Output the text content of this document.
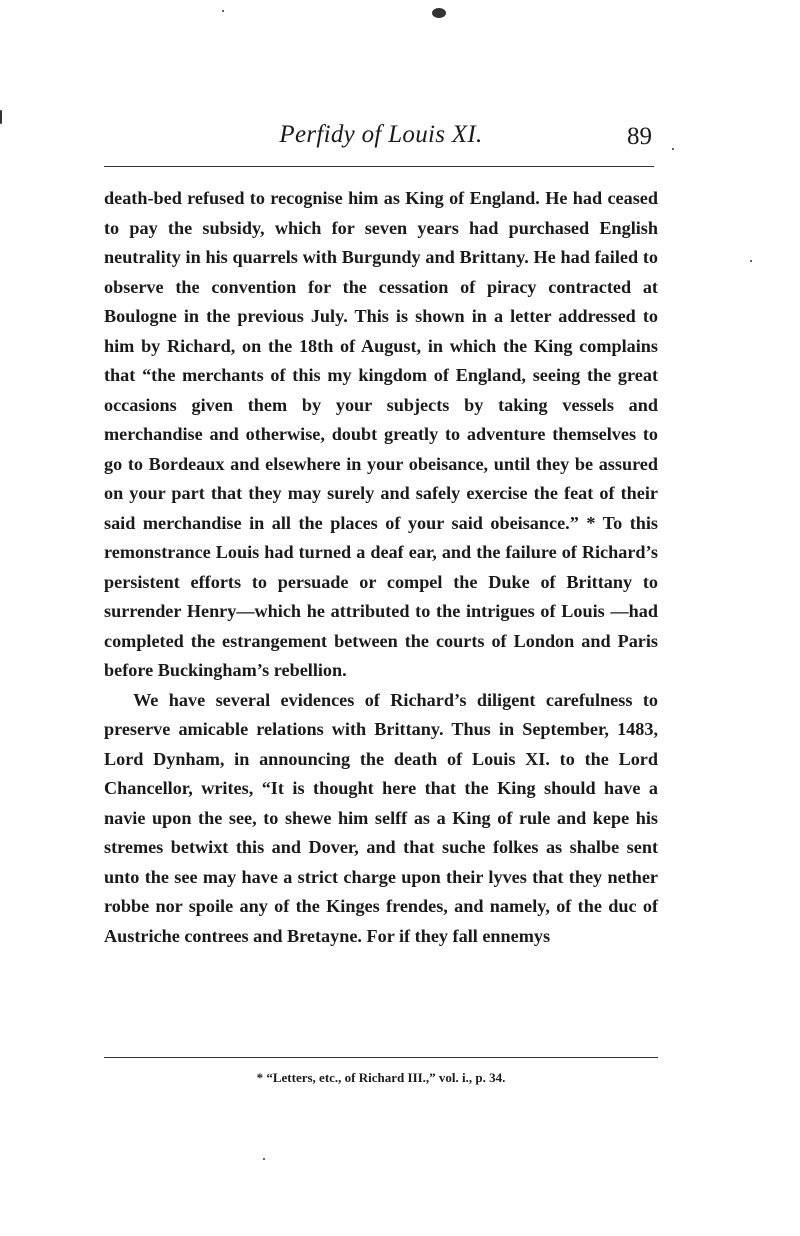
Perfidy of Louis XI.	89

death-bed refused to recognise him as King of England. He had ceased to pay the subsidy, which for seven years had purchased English neutrality in his quarrels with Burgundy and Brittany. He had failed to observe the convention for the cessation of piracy contracted at Boulogne in the previous July. This is shown in a letter addressed to him by Richard, on the 18th of August, in which the King complains that “the merchants of this my kingdom of England, seeing the great occasions given them by your subjects by taking vessels and merchandise and otherwise, doubt greatly to adventure themselves to go to Bordeaux and elsewhere in your obeisance, until they be assured on your part that they may surely and safely exercise the feat of their said merchandise in all the places of your said obeisance.” * To this remonstrance Louis had turned a deaf ear, and the failure of Richard’s persistent efforts to persuade or compel the Duke of Brittany to surrender Henry—which he attributed to the intrigues of Louis —had completed the estrangement between the courts of London and Paris before Buckingham’s rebellion.

We have several evidences of Richard’s diligent carefulness to preserve amicable relations with Brittany. Thus in September, 1483, Lord Dynham, in announcing the death of Louis XI. to the Lord Chancellor, writes, “It is thought here that the King should have a navie upon the see, to shewe him selff as a King of rule and kepe his stremes betwixt this and Dover, and that suche folkes as shalbe sent unto the see may have a strict charge upon their lyves that they nether robbe nor spoile any of the Kinges frendes, and namely, of the duc of Austriche contrees and Bretayne. For if they fall ennemys

* “Letters, etc., of Richard III.,” vol. i., p. 34.
